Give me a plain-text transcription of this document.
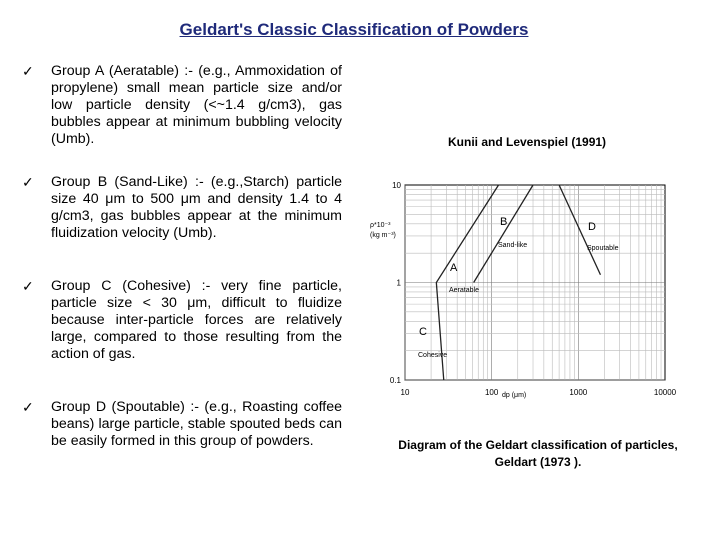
Geldart's Classic Classification of Powders
✓ Group A (Aeratable) :- (e.g., Ammoxidation of propylene) small mean particle size and/or low particle density (<~1.4 g/cm3), gas bubbles appear at minimum bubbling velocity (Umb).
✓ Group B (Sand-Like) :- (e.g.,Starch) particle size 40 μm to 500 μm and density 1.4 to 4 g/cm3, gas bubbles appear at the minimum fluidization velocity (Umb).
✓ Group C (Cohesive) :- very fine particle, particle size < 30 μm, difficult to fluidize because inter-particle forces are relatively large, compared to those resulting from the action of gas.
✓ Group D (Spoutable) :- (e.g., Roasting coffee beans) large particle, stable spouted beds can be easily formed in this group of powders.
Kunii and Levenspiel (1991)
ρ*10⁻³
(kg m⁻³)
dp (μm)
10
1
0.1
10	100	1000	10000
B
Sand-like
D
Spoutable
A
Aeratable
C
Cohesive
Diagram of the Geldart classification of particles, Geldart (1973 ).
